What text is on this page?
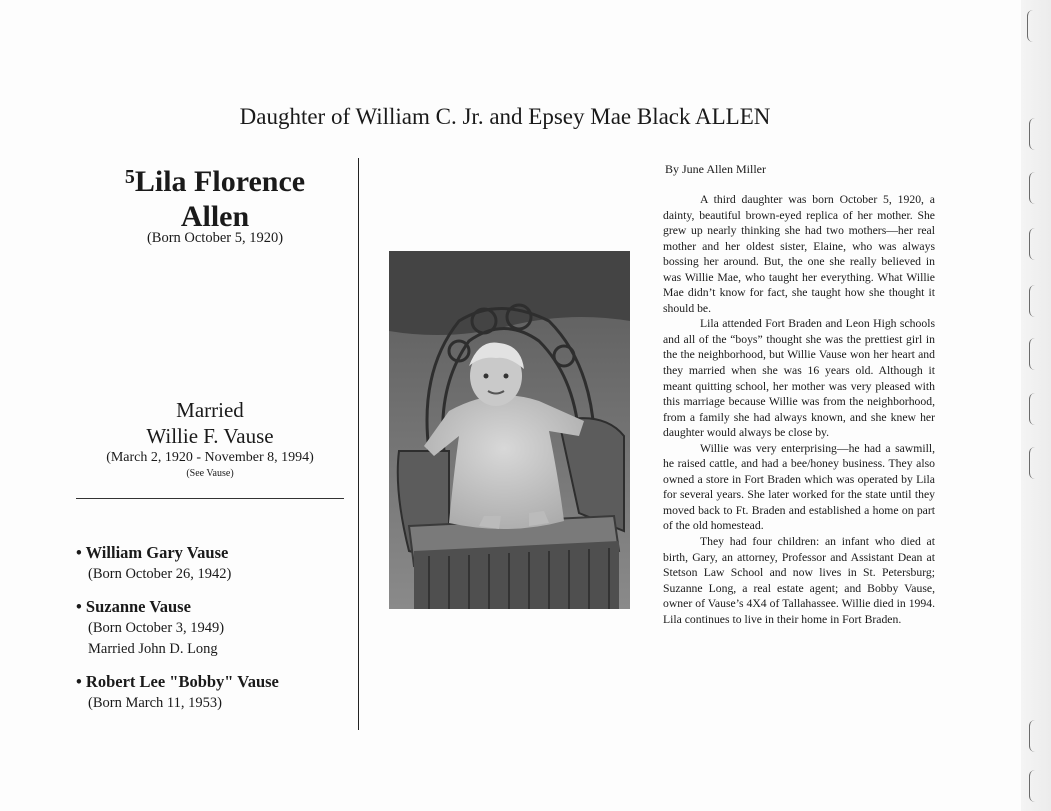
Daughter of William C. Jr. and Epsey Mae Black ALLEN
$^5$Lila Florence
Allen
(Born October 5, 1920)
Married
Willie F. Vause
(March 2, 1920 - November 8, 1994)
(See Vause)
• William Gary Vause
(Born October 26, 1942)
• Suzanne Vause
(Born October 3, 1949)
Married John D. Long
• Robert Lee "Bobby" Vause
(Born March 11, 1953)
By June Allen Miller

A third daughter was born October 5, 1920, a dainty, beautiful brown-eyed replica of her mother. She grew up nearly thinking she had two mothers—her real mother and her oldest sister, Elaine, who was always bossing her around. But, the one she really believed in was Willie Mae, who taught her everything. What Willie Mae didn’t know for fact, she taught how she thought it should be.

Lila attended Fort Braden and Leon High schools and all of the “boys” thought she was the prettiest girl in the the neighborhood, but Willie Vause won her heart and they married when she was 16 years old. Although it meant quitting school, her mother was very pleased with this marriage because Willie was from the neighborhood, from a family she had always known, and she knew her daughter would always be close by.

Willie was very enterprising—he had a sawmill, he raised cattle, and had a bee/honey business. They also owned a store in Fort Braden which was operated by Lila for several years. She later worked for the state until they moved back to Ft. Braden and established a home on part of the old homestead.

They had four children: an infant who died at birth, Gary, an attorney, Professor and Assistant Dean at Stetson Law School and now lives in St. Petersburg; Suzanne Long, a real estate agent; and Bobby Vause, owner of Vause’s 4X4 of Tallahassee. Willie died in 1994. Lila continues to live in their home in Fort Braden.
